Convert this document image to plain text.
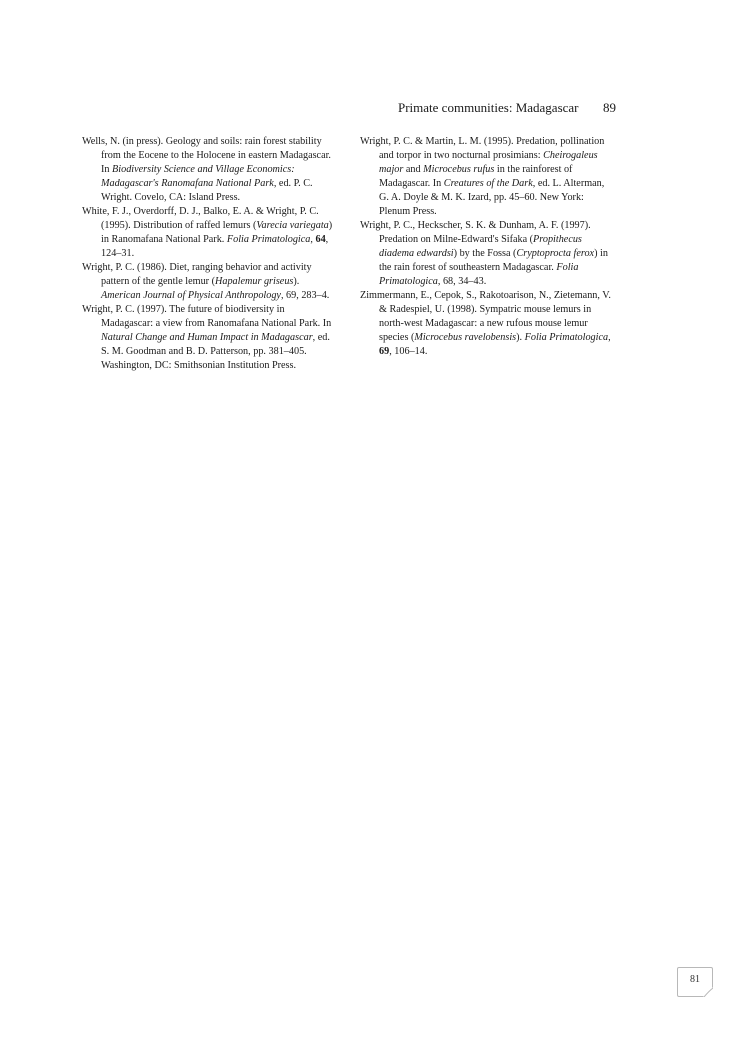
Primate communities: Madagascar 89

Wells, N. (in press). Geology and soils: rain forest stability from the Eocene to the Holocene in eastern Madagascar. In Biodiversity Science and Village Economics: Madagascar's Ranomafana National Park, ed. P. C. Wright. Covelo, CA: Island Press.

White, F. J., Overdorff, D. J., Balko, E. A. & Wright, P. C. (1995). Distribution of raffed lemurs (Varecia variegata) in Ranomafana National Park. Folia Primatologica, 64, 124–31.

Wright, P. C. (1986). Diet, ranging behavior and activity pattern of the gentle lemur (Hapalemur griseus). American Journal of Physical Anthropology, 69, 283–4.

Wright, P. C. (1997). The future of biodiversity in Madagascar: a view from Ranomafana National Park. In Natural Change and Human Impact in Madagascar, ed. S. M. Goodman and B. D. Patterson, pp. 381–405. Washington, DC: Smithsonian Institution Press.

Wright, P. C. & Martin, L. M. (1995). Predation, pollination and torpor in two nocturnal prosimians: Cheirogaleus major and Microcebus rufus in the rainforest of Madagascar. In Creatures of the Dark, ed. L. Alterman, G. A. Doyle & M. K. Izard, pp. 45–60. New York: Plenum Press.

Wright, P. C., Heckscher, S. K. & Dunham, A. F. (1997). Predation on Milne-Edward's Sifaka (Propithecus diadema edwardsi) by the Fossa (Cryptoprocta ferox) in the rain forest of southeastern Madagascar. Folia Primatologica, 68, 34–43.

Zimmermann, E., Cepok, S., Rakotoarison, N., Zietemann, V. & Radespiel, U. (1998). Sympatric mouse lemurs in north-west Madagascar: a new rufous mouse lemur species (Microcebus ravelobensis). Folia Primatologica, 69, 106–14.

81
